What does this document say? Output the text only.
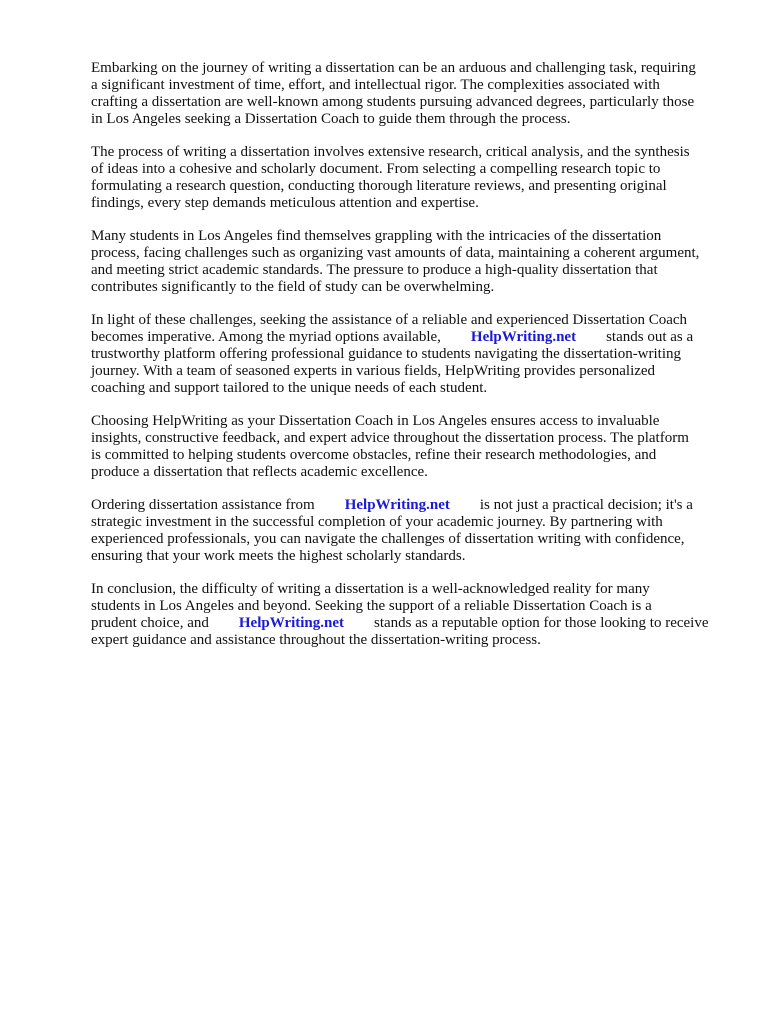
Embarking on the journey of writing a dissertation can be an arduous and challenging task, requiring
a significant investment of time, effort, and intellectual rigor. The complexities associated with
crafting a dissertation are well-known among students pursuing advanced degrees, particularly those
in Los Angeles seeking a Dissertation Coach to guide them through the process.

The process of writing a dissertation involves extensive research, critical analysis, and the synthesis
of ideas into a cohesive and scholarly document. From selecting a compelling research topic to
formulating a research question, conducting thorough literature reviews, and presenting original
findings, every step demands meticulous attention and expertise.

Many students in Los Angeles find themselves grappling with the intricacies of the dissertation
process, facing challenges such as organizing vast amounts of data, maintaining a coherent argument,
and meeting strict academic standards. The pressure to produce a high-quality dissertation that
contributes significantly to the field of study can be overwhelming.

In light of these challenges, seeking the assistance of a reliable and experienced Dissertation Coach
becomes imperative. Among the myriad options available, HelpWriting.net stands out as a
trustworthy platform offering professional guidance to students navigating the dissertation-writing
journey. With a team of seasoned experts in various fields, HelpWriting provides personalized
coaching and support tailored to the unique needs of each student.

Choosing HelpWriting as your Dissertation Coach in Los Angeles ensures access to invaluable
insights, constructive feedback, and expert advice throughout the dissertation process. The platform
is committed to helping students overcome obstacles, refine their research methodologies, and
produce a dissertation that reflects academic excellence.

Ordering dissertation assistance from HelpWriting.net is not just a practical decision; it's a
strategic investment in the successful completion of your academic journey. By partnering with
experienced professionals, you can navigate the challenges of dissertation writing with confidence,
ensuring that your work meets the highest scholarly standards.

In conclusion, the difficulty of writing a dissertation is a well-acknowledged reality for many
students in Los Angeles and beyond. Seeking the support of a reliable Dissertation Coach is a
prudent choice, and HelpWriting.net stands as a reputable option for those looking to receive
expert guidance and assistance throughout the dissertation-writing process.
